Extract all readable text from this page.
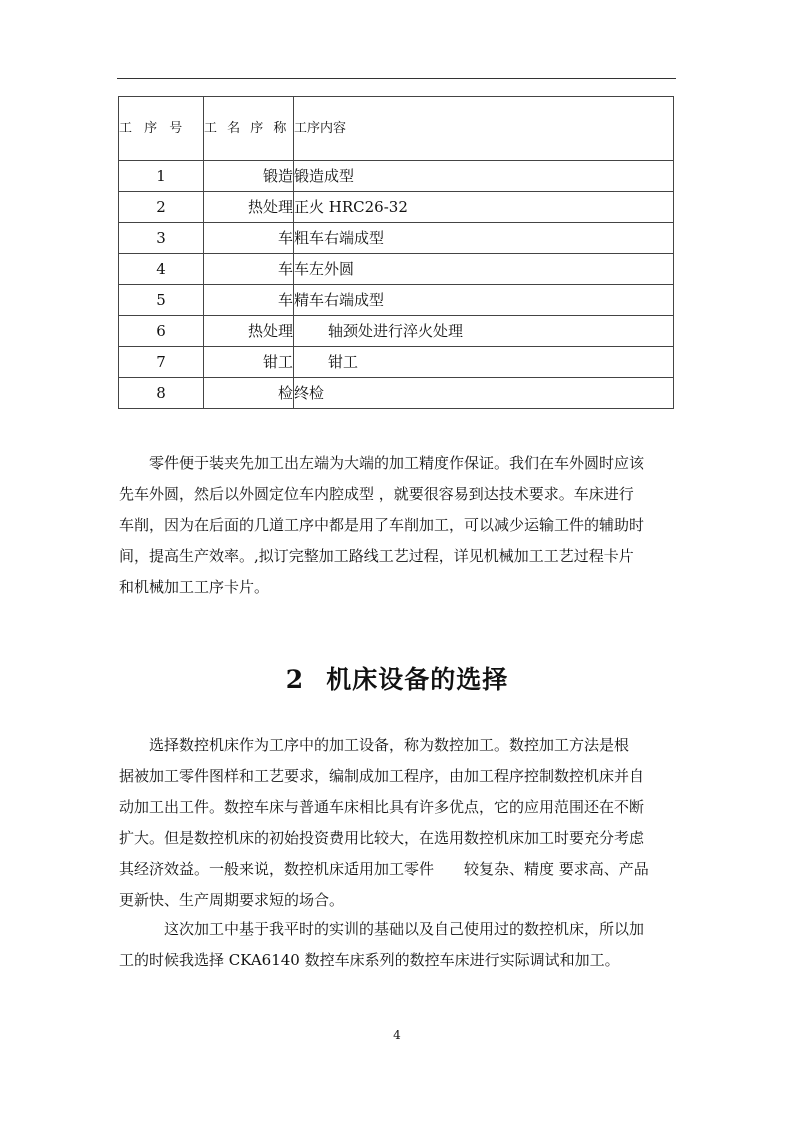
工 序 号	工 名 序 称	工序内容
1	锻造	锻造成型
2	热处理	正火 HRC26-32
3	车	粗车右端成型
4	车	车左外圆
5	车	精车右端成型
6	热处理	轴颈处进行淬火处理
7	钳工	钳工
8	检	终检
　　零件便于装夹先加工出左端为大端的加工精度作保证。我们在车外圆时应该
先车外圆，然后以外圆定位车内腔成型 ，就要很容易到达技术要求。车床进行
车削，因为在后面的几道工序中都是用了车削加工，可以减少运输工件的辅助时
间，提高生产效率。,拟订完整加工路线工艺过程，详见机械加工工艺过程卡片
和机械加工工序卡片。
2 机床设备的选择
　　选择数控机床作为工序中的加工设备，称为数控加工。数控加工方法是根
据被加工零件图样和工艺要求，编制成加工程序，由加工程序控制数控机床并自
动加工出工件。数控车床与普通车床相比具有许多优点，它的应用范围还在不断
扩大。但是数控机床的初始投资费用比较大，在选用数控机床加工时要充分考虑
其经济效益。一般来说，数控机床适用加工零件　　较复杂、精度 要求高、产品
更新快、生产周期要求短的场合。
　　　这次加工中基于我平时的实训的基础以及自己使用过的数控机床，所以加
工的时候我选择 CKA6140 数控车床系列的数控车床进行实际调试和加工。
4
